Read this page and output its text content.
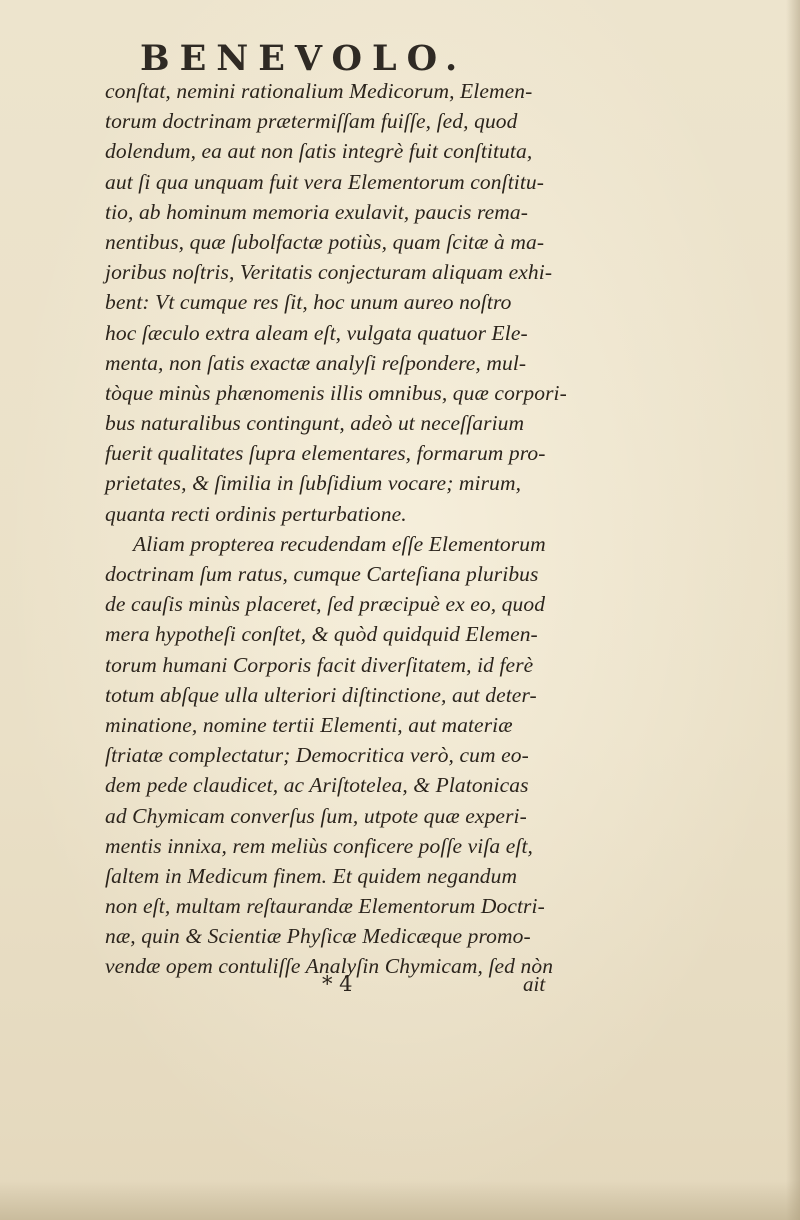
BENEVOLO.
conſtat, nemini rationalium Medicorum, Elemen-
torum doctrinam prætermiſſam fuiſſe, ſed, quod
dolendum, ea aut non ſatis integrè fuit conſtituta,
aut ſi qua unquam fuit vera Elementorum conſtitu-
tio, ab hominum memoria exulavit, paucis rema-
nentibus, quæ ſubolfactæ potiùs, quam ſcitæ à ma-
joribus noſtris, Veritatis conjecturam aliquam exhi-
bent: Vt cumque res ſit, hoc unum aureo noſtro
hoc ſæculo extra aleam eſt, vulgata quatuor Ele-
menta, non ſatis exactæ analyſi reſpondere, mul-
tòque minùs phænomenis illis omnibus, quæ corpori-
bus naturalibus contingunt, adeò ut neceſſarium
fuerit qualitates ſupra elementares, formarum pro-
prietates, & ſimilia in ſubſidium vocare; mirum,
quanta recti ordinis perturbatione.
Aliam propterea recudendam eſſe Elementorum
doctrinam ſum ratus, cumque Carteſiana pluribus
de cauſis minùs placeret, ſed præcipuè ex eo, quod
mera hypotheſi conſtet, & quòd quidquid Elemen-
torum humani Corporis facit diverſitatem, id ferè
totum abſque ulla ulteriori diſtinctione, aut deter-
minatione, nomine tertii Elementi, aut materiæ
ſtriatæ complectatur; Democritica verò, cum eo-
dem pede claudicet, ac Ariſtotelea, & Platonicas
ad Chymicam converſus ſum, utpote quæ experi-
mentis innixa, rem meliùs conficere poſſe viſa eſt,
ſaltem in Medicum finem. Et quidem negandum
non eſt, multam reſtaurandæ Elementorum Doctri-
næ, quin & Scientiæ Phyſicæ Medicæque promo-
vendæ opem contuliſſe Analyſin Chymicam, ſed nòn
* 4	ait
